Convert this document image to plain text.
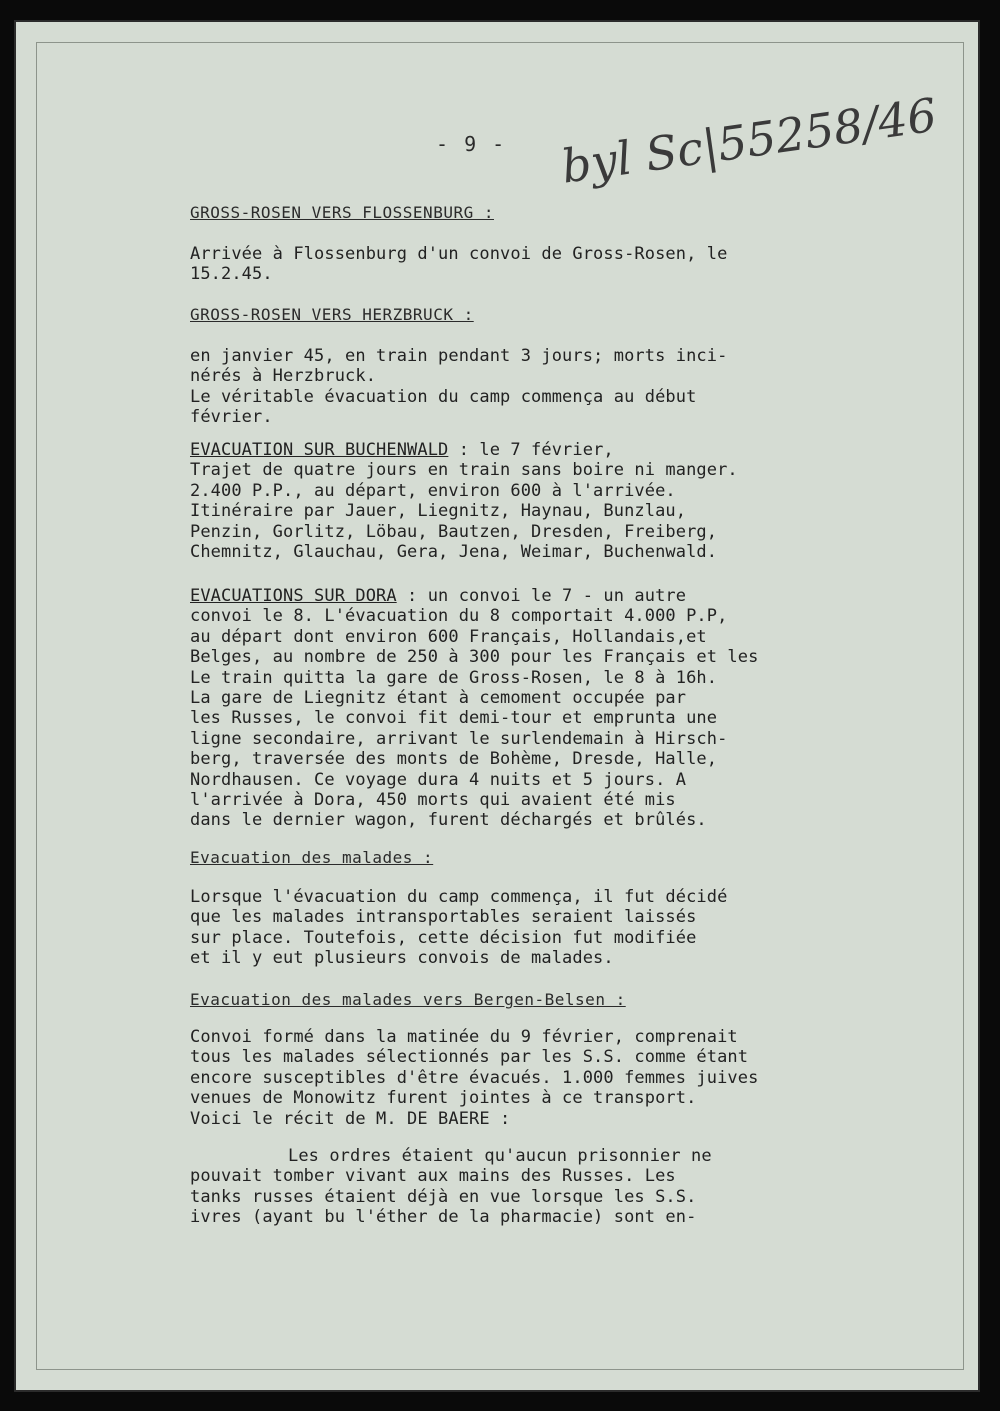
- 9 - byl Sc|55258/46
GROSS-ROSEN VERS FLOSSENBURG :
Arrivée à Flossenburg d'un convoi de Gross-Rosen, le
15.2.45.
GROSS-ROSEN VERS HERZBRUCK :
en janvier 45, en train pendant 3 jours; morts inci-
nérés à Herzbruck.
Le véritable évacuation du camp commença au début
février.
EVACUATION SUR BUCHENWALD : le 7 février,
Trajet de quatre jours en train sans boire ni manger.
2.400 P.P., au départ, environ 600 à l'arrivée.
Itinéraire par Jauer, Liegnitz, Haynau, Bunzlau,
Penzin, Gorlitz, Löbau, Bautzen, Dresden, Freiberg,
Chemnitz, Glauchau, Gera, Jena, Weimar, Buchenwald.
EVACUATIONS SUR DORA : un convoi le 7 - un autre
convoi le 8. L'évacuation du 8 comportait 4.000 P.P,
au départ dont environ 600 Français, Hollandais,et
Belges, au nombre de 250 à 300 pour les Français et les
Le train quitta la gare de Gross-Rosen, le 8 à 16h.
La gare de Liegnitz étant à cemoment occupée par
les Russes, le convoi fit demi-tour et emprunta une
ligne secondaire, arrivant le surlendemain à Hirsch-
berg, traversée des monts de Bohème, Dresde, Halle,
Nordhausen. Ce voyage dura 4 nuits et 5 jours. A
l'arrivée à Dora, 450 morts qui avaient été mis
dans le dernier wagon, furent déchargés et brûlés.
Evacuation des malades :
Lorsque l'évacuation du camp commença, il fut décidé
que les malades intransportables seraient laissés
sur place. Toutefois, cette décision fut modifiée
et il y eut plusieurs convois de malades.
Evacuation des malades vers Bergen-Belsen :
Convoi formé dans la matinée du 9 février, comprenait
tous les malades sélectionnés par les S.S. comme étant
encore susceptibles d'être évacués. 1.000 femmes juives
venues de Monowitz furent jointes à ce transport.
Voici le récit de M. DE BAERE :
Les ordres étaient qu'aucun prisonnier ne
pouvait tomber vivant aux mains des Russes. Les
tanks russes étaient déjà en vue lorsque les S.S.
ivres (ayant bu l'éther de la pharmacie) sont en-
